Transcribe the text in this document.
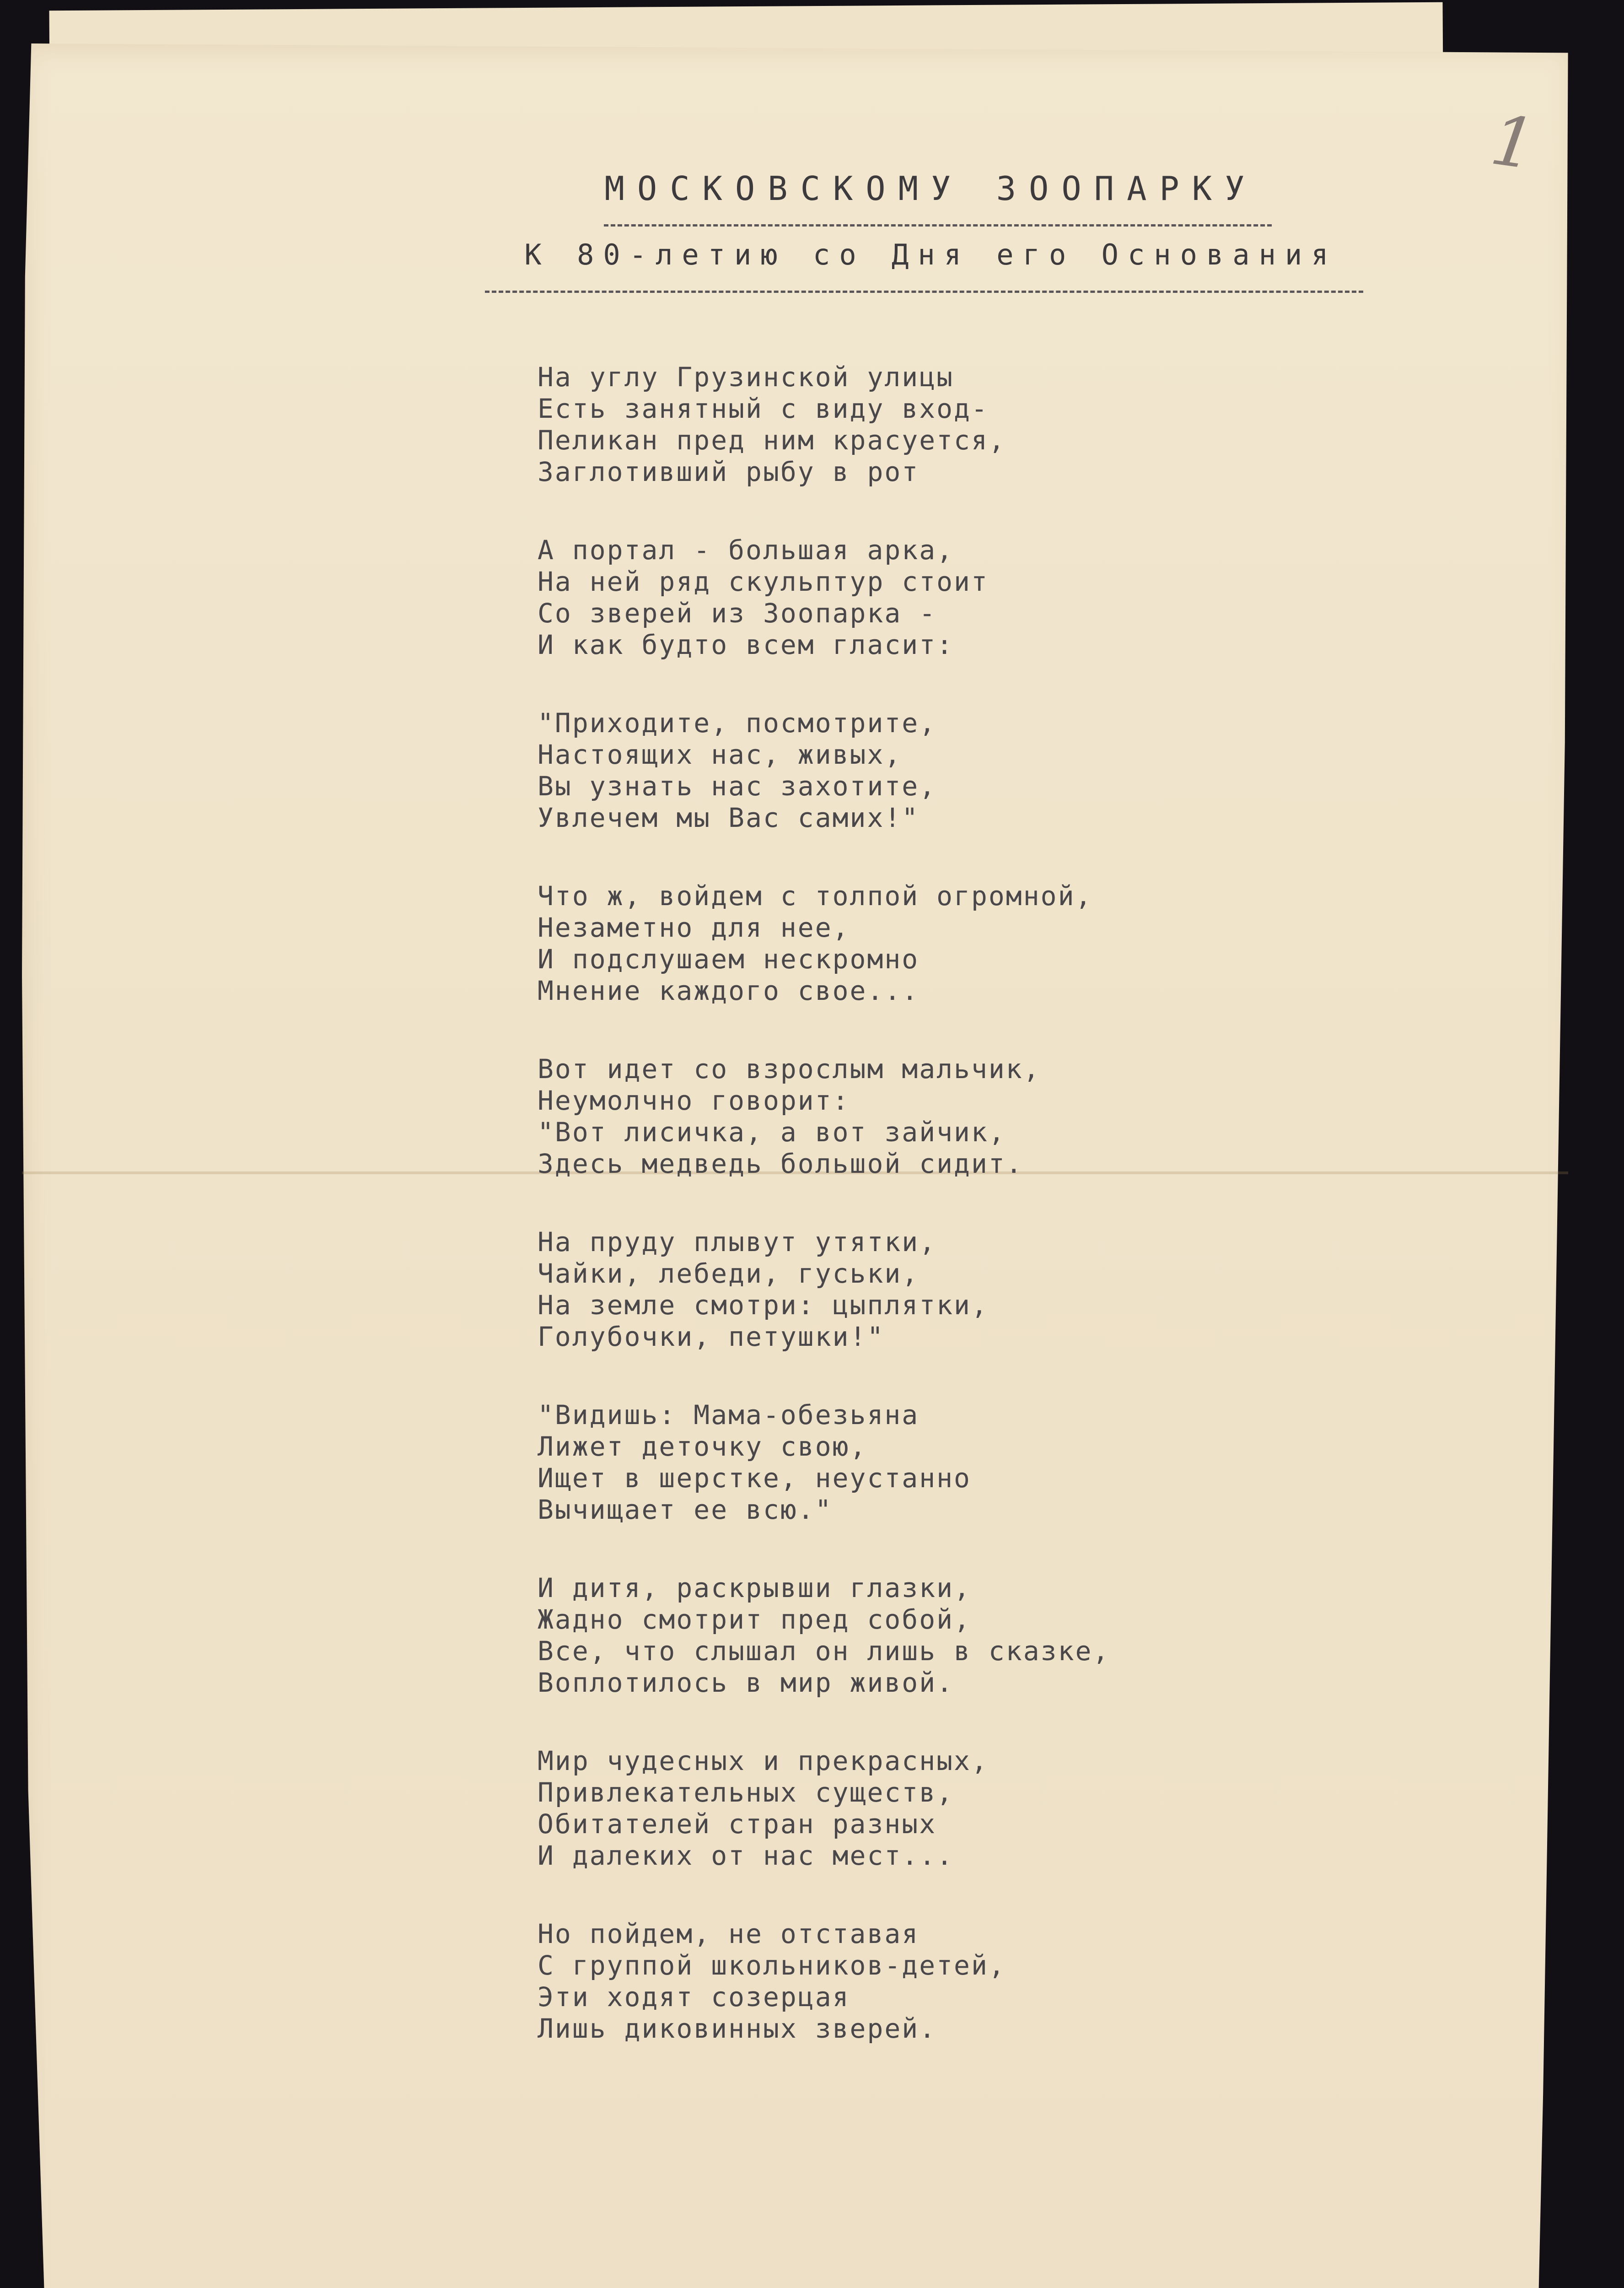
1
МОСКОВСКОМУ ЗООПАРКУ
К 80-летию со Дня его Основания
На углу Грузинской улицы
Есть занятный с виду вход-
Пеликан пред ним красуется,
Заглотивший рыбу в рот
А портал - большая арка,
На ней ряд скульптур стоит
Со зверей из Зоопарка -
И как будто всем гласит:
"Приходите, посмотрите,
Настоящих нас, живых,
Вы узнать нас захотите,
Увлечем мы Вас самих!"
Что ж, войдем с толпой огромной,
Незаметно для нее,
И подслушаем нескромно
Мнение каждого свое...
Вот идет со взрослым мальчик,
Неумолчно говорит:
"Вот лисичка, а вот зайчик,
Здесь медведь большой сидит.
На пруду плывут утятки,
Чайки, лебеди, гуськи,
На земле смотри: цыплятки,
Голубочки, петушки!"
"Видишь: Мама-обезьяна
Лижет деточку свою,
Ищет в шерстке, неустанно
Вычищает ее всю."
И дитя, раскрывши глазки,
Жадно смотрит пред собой,
Все, что слышал он лишь в сказке,
Воплотилось в мир живой.
Мир чудесных и прекрасных,
Привлекательных существ,
Обитателей стран разных
И далеких от нас мест...
Но пойдем, не отставая
С группой школьников-детей,
Эти ходят созерцая
Лишь диковинных зверей.
